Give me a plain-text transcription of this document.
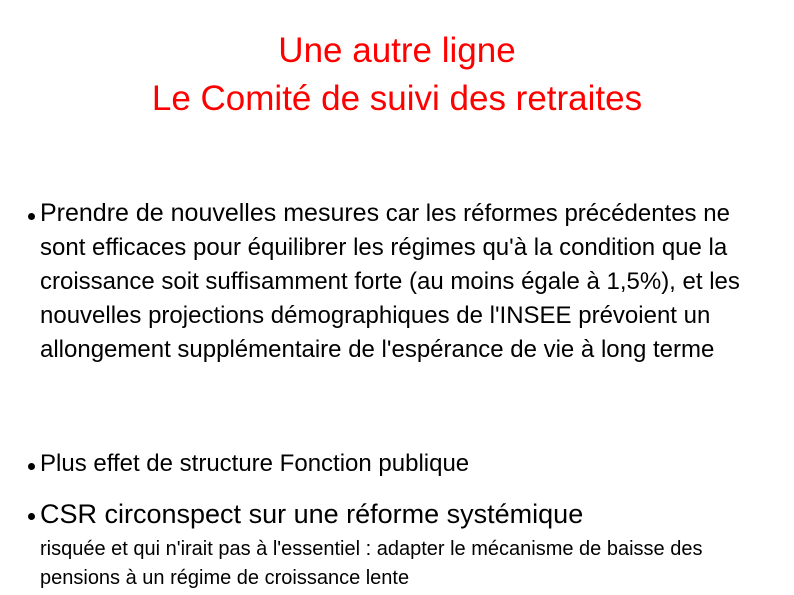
Une autre ligne
Le Comité de suivi des retraites
Prendre de nouvelles mesures car les réformes précédentes ne sont efficaces pour équilibrer les régimes qu'à la condition que la croissance soit suffisamment forte (au moins égale à 1,5%), et les nouvelles projections démographiques de l'INSEE prévoient un allongement supplémentaire de l'espérance de vie à long terme
Plus effet de structure Fonction publique
CSR circonspect sur une réforme systémique
risquée et qui n'irait pas à l'essentiel : adapter le mécanisme de baisse des pensions à un régime de croissance lente
